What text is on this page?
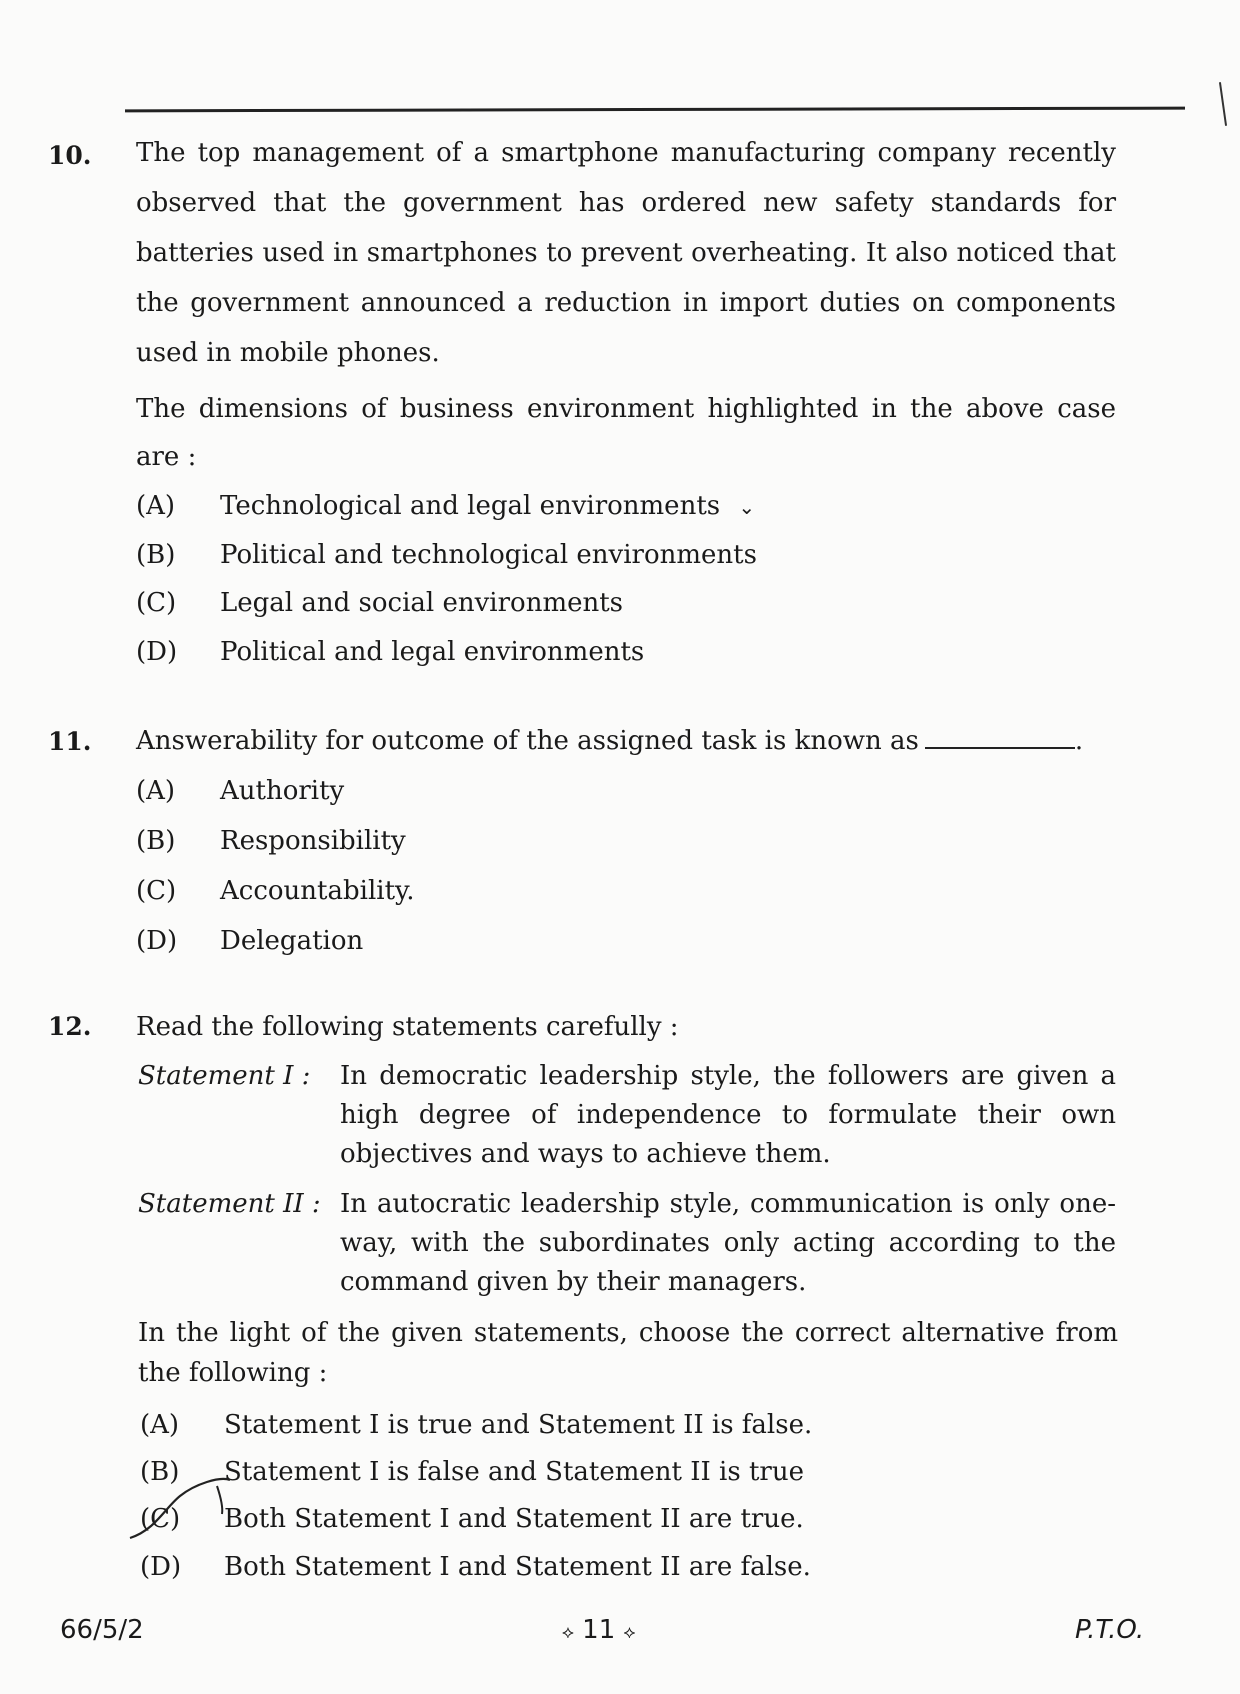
10. The top management of a smartphone manufacturing company recently observed that the government has ordered new safety standards for batteries used in smartphones to prevent overheating. It also noticed that the government announced a reduction in import duties on components used in mobile phones.
The dimensions of business environment highlighted in the above case are :
(A) Technological and legal environments ⌄
(B) Political and technological environments
(C) Legal and social environments
(D) Political and legal environments
11. Answerability for outcome of the assigned task is known as	.
(A) Authority
(B) Responsibility
(C) Accountability.
(D) Delegation
12. Read the following statements carefully :
Statement I : In democratic leadership style, the followers are given a high degree of independence to formulate their own objectives and ways to achieve them.
Statement II : In autocratic leadership style, communication is only one-way, with the subordinates only acting according to the command given by their managers.
In the light of the given statements, choose the correct alternative from the following :
(A) Statement I is true and Statement II is false.
(B) Statement I is false and Statement II is true
(C) Both Statement I and Statement II are true.
(D) Both Statement I and Statement II are false.
66/5/2	⟡ 11 ⟡	P.T.O.
